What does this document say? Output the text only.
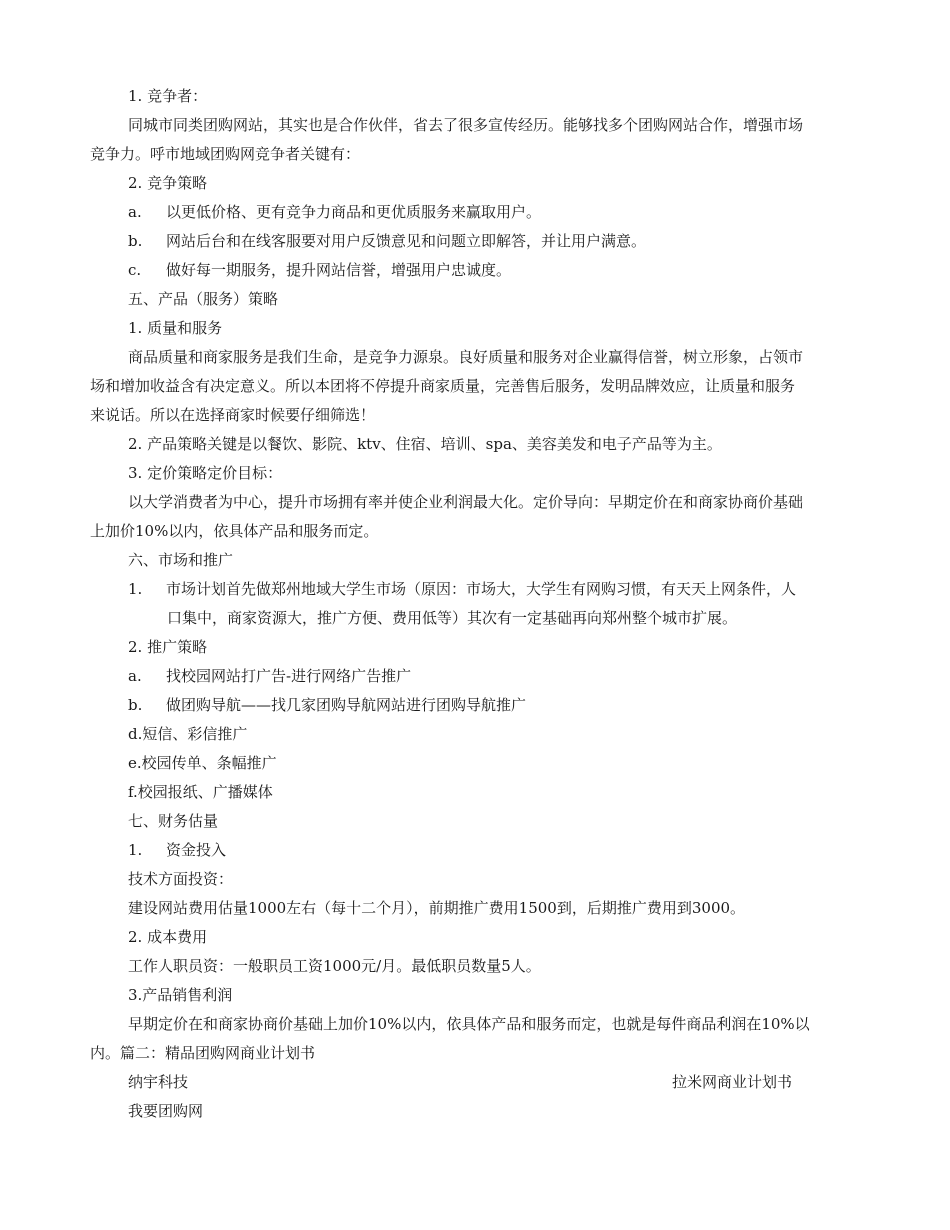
1. 竞争者：
同城市同类团购网站，其实也是合作伙伴，省去了很多宣传经历。能够找多个团购网站合作，增强市场
竞争力。呼市地域团购网竞争者关键有：
2. 竞争策略
a. 以更低价格、更有竞争力商品和更优质服务来赢取用户。
b. 网站后台和在线客服要对用户反馈意见和问题立即解答，并让用户满意。
c. 做好每一期服务，提升网站信誉，增强用户忠诚度。
五、产品（服务）策略
1. 质量和服务
商品质量和商家服务是我们生命，是竞争力源泉。良好质量和服务对企业赢得信誉，树立形象，占领市
场和增加收益含有决定意义。所以本团将不停提升商家质量，完善售后服务，发明品牌效应，让质量和服务
来说话。所以在选择商家时候要仔细筛选！
2. 产品策略关键是以餐饮、影院、ktv、住宿、培训、spa、美容美发和电子产品等为主。
3. 定价策略定价目标：
以大学消费者为中心，提升市场拥有率并使企业利润最大化。定价导向：早期定价在和商家协商价基础
上加价10%以内，依具体产品和服务而定。
六、市场和推广
1. 市场计划首先做郑州地域大学生市场（原因：市场大，大学生有网购习惯，有天天上网条件，人
口集中，商家资源大，推广方便、费用低等）其次有一定基础再向郑州整个城市扩展。
2. 推广策略
a. 找校园网站打广告-进行网络广告推广
b. 做团购导航——找几家团购导航网站进行团购导航推广
d.短信、彩信推广
e.校园传单、条幅推广
f.校园报纸、广播媒体
七、财务估量
1. 资金投入
技术方面投资：
建设网站费用估量1000左右（每十二个月），前期推广费用1500到，后期推广费用到3000。
2. 成本费用
工作人职员资：一般职员工资1000元/月。最低职员数量5人。
3.产品销售利润
早期定价在和商家协商价基础上加价10%以内，依具体产品和服务而定，也就是每件商品利润在10%以
内。篇二：精品团购网商业计划书
纳宇科技	拉米网商业计划书
我要团购网
